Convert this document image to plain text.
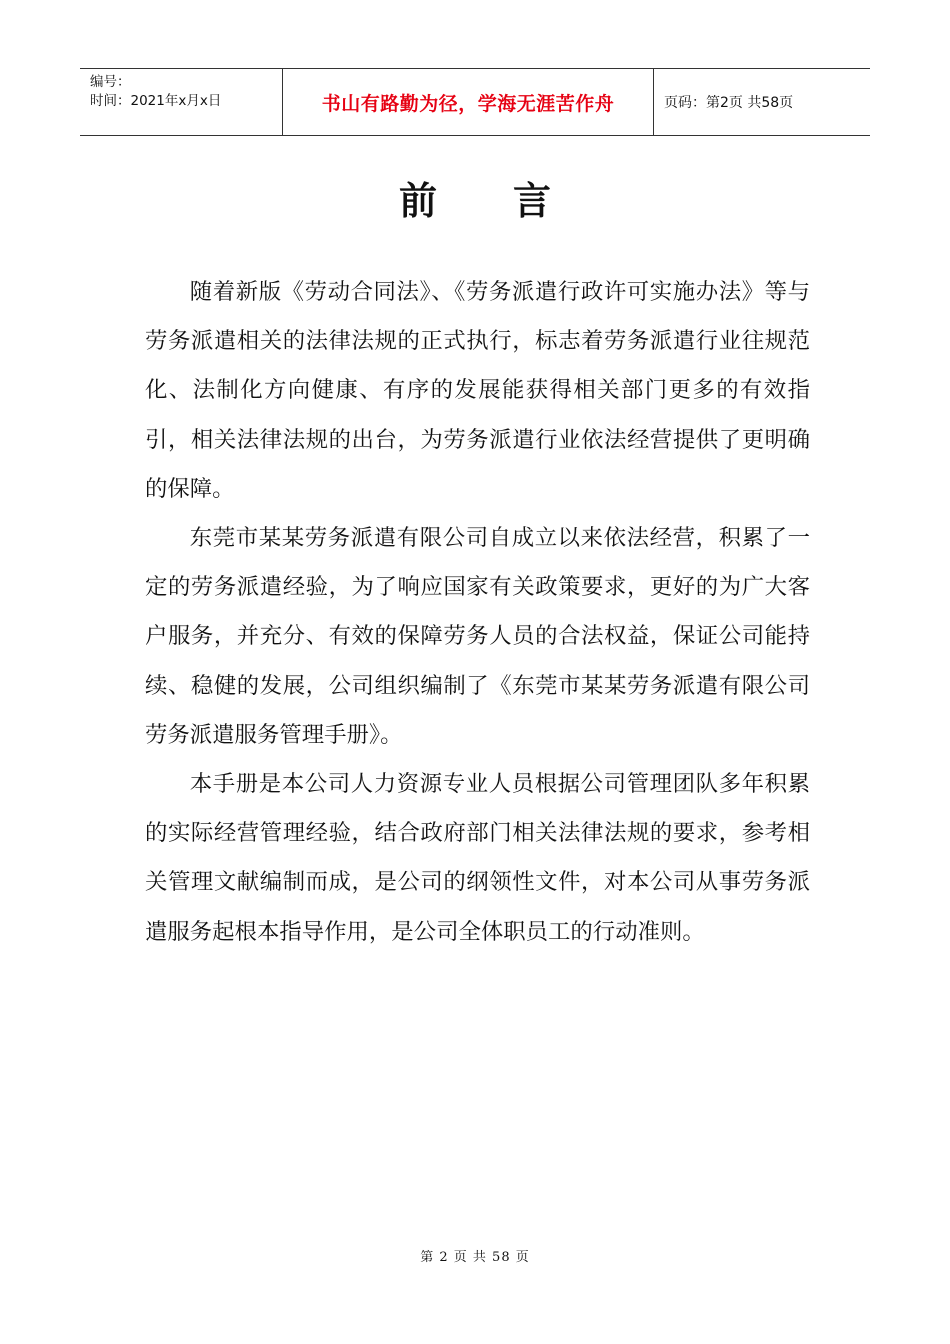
编号：
时间：2021年x月x日	书山有路勤为径，学海无涯苦作舟	页码：第2页 共58页
前言

随着新版《劳动合同法》、《劳务派遣行政许可实施办法》等与劳务派遣相关的法律法规的正式执行，标志着劳务派遣行业往规范化、法制化方向健康、有序的发展能获得相关部门更多的有效指引，相关法律法规的出台，为劳务派遣行业依法经营提供了更明确的保障。

东莞市某某劳务派遣有限公司自成立以来依法经营，积累了一定的劳务派遣经验，为了响应国家有关政策要求，更好的为广大客户服务，并充分、有效的保障劳务人员的合法权益，保证公司能持续、稳健的发展，公司组织编制了《东莞市某某劳务派遣有限公司劳务派遣服务管理手册》。

本手册是本公司人力资源专业人员根据公司管理团队多年积累的实际经营管理经验，结合政府部门相关法律法规的要求，参考相关管理文献编制而成，是公司的纲领性文件，对本公司从事劳务派遣服务起根本指导作用，是公司全体职员工的行动准则。

第 2 页 共 58 页
